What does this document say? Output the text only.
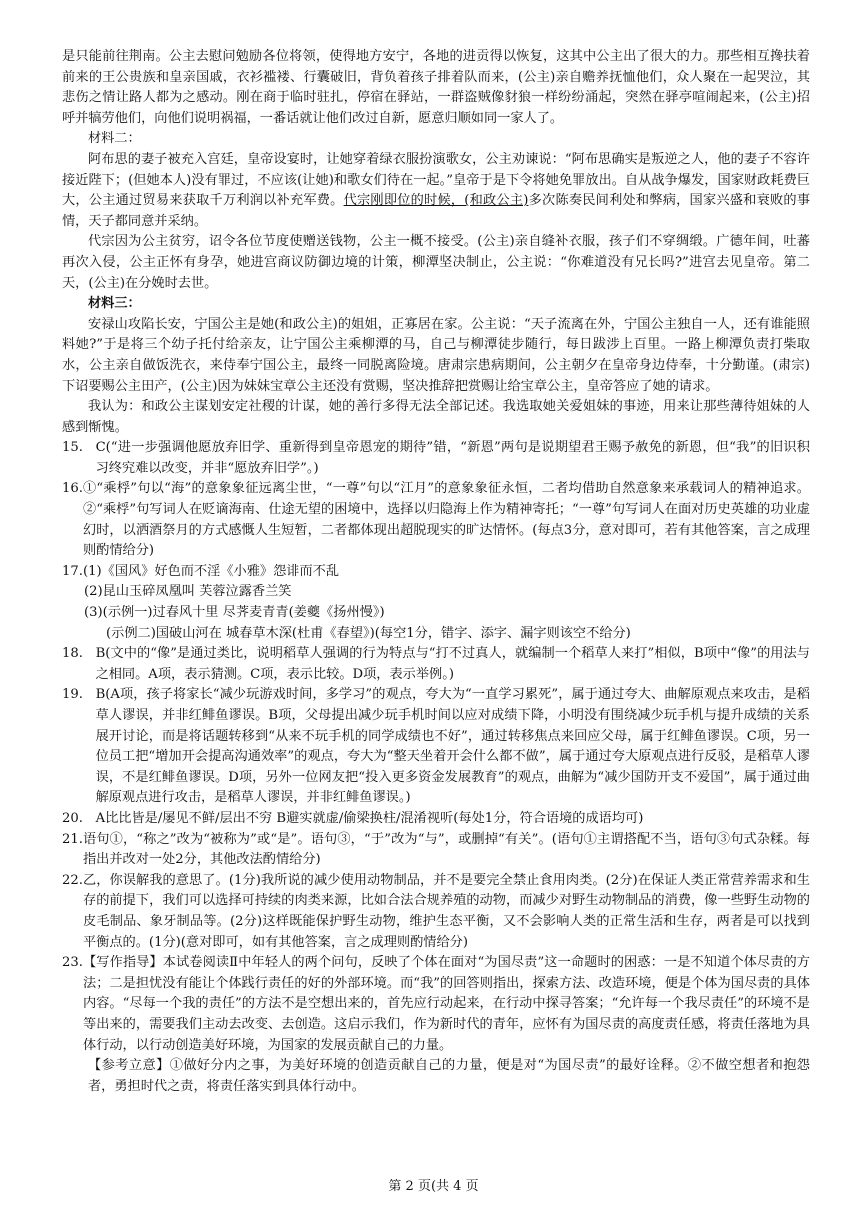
是只能前往荆南。公主去慰问勉励各位将领，使得地方安宁，各地的进贡得以恢复，这其中公主出了很大的力。那些相互搀扶着前来的王公贵族和皇亲国戚，衣衫褴褛、行囊破旧，背负着孩子排着队而来，(公主)亲自赡养抚恤他们，众人聚在一起哭泣，其悲伤之情让路人都为之感动。刚在商于临时驻扎，停宿在驿站，一群盗贼像豺狼一样纷纷涌起，突然在驿亭喧闹起来，(公主)招呼并犒劳他们，向他们说明祸福，一番话就让他们改过自新，愿意归顺如同一家人了。

材料二：

阿布思的妻子被充入宫廷，皇帝设宴时，让她穿着绿衣服扮演歌女，公主劝谏说：“阿布思确实是叛逆之人，他的妻子不容许接近陛下；(但她本人)没有罪过，不应该(让她)和歌女们待在一起。”皇帝于是下令将她免罪放出。自从战争爆发，国家财政耗费巨大，公主通过贸易来获取千万利润以补充军费。代宗刚即位的时候，(和政公主)多次陈奏民间利处和弊病，国家兴盛和衰败的事情，天子都同意并采纳。

代宗因为公主贫穷，诏令各位节度使赠送钱物，公主一概不接受。(公主)亲自缝补衣服，孩子们不穿绸缎。广德年间，吐蕃再次入侵，公主正怀有身孕，她进宫商议防御边境的计策，柳潭坚决制止，公主说：“你难道没有兄长吗?”进宫去见皇帝。第二天，(公主)在分娩时去世。

材料三：

安禄山攻陷长安，宁国公主是她(和政公主)的姐姐，正寡居在家。公主说：“天子流离在外，宁国公主独自一人，还有谁能照料她?”于是将三个幼子托付给亲友，让宁国公主乘柳潭的马，自己与柳潭徒步随行，每日跋涉上百里。一路上柳潭负责打柴取水，公主亲自做饭洗衣，来侍奉宁国公主，最终一同脱离险境。唐肃宗患病期间，公主朝夕在皇帝身边侍奉，十分勤谨。(肃宗)下诏要赐公主田产，(公主)因为妹妹宝章公主还没有赏赐，坚决推辞把赏赐让给宝章公主，皇帝答应了她的请求。

我认为：和政公主谋划安定社稷的计谋，她的善行多得无法全部记述。我选取她关爱姐妹的事迹，用来让那些薄待姐妹的人感到惭愧。

15. C(“进一步强调他愿放弃旧学、重新得到皇帝恩宠的期待”错，“新恩”两句是说期望君王赐予赦免的新恩，但“我”的旧识积习终究难以改变，并非“愿放弃旧学”。)
16. ①“乘桴”句以“海”的意象象征远离尘世，“一尊”句以“江月”的意象象征永恒，二者均借助自然意象来承载词人的精神追求。②“乘桴”句写词人在贬谪海南、仕途无望的困境中，选择以归隐海上作为精神寄托；“一尊”句写词人在面对历史英雄的功业虚幻时，以洒酒祭月的方式感慨人生短暂，二者都体现出超脱现实的旷达情怀。(每点3分，意对即可，若有其他答案，言之成理则酌情给分)
17. (1)《国风》好色而不淫《小雅》怨诽而不乱

(2)昆山玉碎凤凰叫 芙蓉泣露香兰笑

(3)(示例一)过春风十里 尽荠麦青青(姜夔《扬州慢》)

(示例二)国破山河在 城春草木深(杜甫《春望》)(每空1分，错字、添字、漏字则该空不给分)

18. B(文中的“像”是通过类比，说明稻草人强调的行为特点与“打不过真人，就编制一个稻草人来打”相似，B项中“像”的用法与之相同。A项，表示猜测。C项，表示比较。D项，表示举例。)
19. B(A项，孩子将家长“减少玩游戏时间，多学习”的观点，夸大为“一直学习累死”，属于通过夸大、曲解原观点来攻击，是稻草人谬误，并非红鲱鱼谬误。B项，父母提出减少玩手机时间以应对成绩下降，小明没有围绕减少玩手机与提升成绩的关系展开讨论，而是将话题转移到“从来不玩手机的同学成绩也不好”，通过转移焦点来回应父母，属于红鲱鱼谬误。C项，另一位员工把“增加开会提高沟通效率”的观点，夸大为“整天坐着开会什么都不做”，属于通过夸大原观点进行反驳，是稻草人谬误，不是红鲱鱼谬误。D项，另外一位网友把“投入更多资金发展教育”的观点，曲解为“减少国防开支不爱国”，属于通过曲解原观点进行攻击，是稻草人谬误，并非红鲱鱼谬误。)
20. A比比皆是/屡见不鲜/层出不穷 B避实就虚/偷梁换柱/混淆视听(每处1分，符合语境的成语均可)
21. 语句①，“称之”改为“被称为”或“是”。语句③，“于”改为“与”，或删掉“有关”。(语句①主谓搭配不当，语句③句式杂糅。每指出并改对一处2分，其他改法酌情给分)
22. 乙，你误解我的意思了。(1分)我所说的减少使用动物制品，并不是要完全禁止食用肉类。(2分)在保证人类正常营养需求和生存的前提下，我们可以选择可持续的肉类来源，比如合法合规养殖的动物，而减少对野生动物制品的消费，像一些野生动物的皮毛制品、象牙制品等。(2分)这样既能保护野生动物，维护生态平衡，又不会影响人类的正常生活和生存，两者是可以找到平衡点的。(1分)(意对即可，如有其他答案，言之成理则酌情给分)
23. 【写作指导】本试卷阅读Ⅱ中年轻人的两个问句，反映了个体在面对“为国尽责”这一命题时的困惑：一是不知道个体尽责的方法；二是担忧没有能让个体践行责任的好的外部环境。而“我”的回答则指出，探索方法、改造环境，便是个体为国尽责的具体内容。“尽每一个我的责任”的方法不是空想出来的，首先应行动起来，在行动中探寻答案；“允许每一个我尽责任”的环境不是等出来的，需要我们主动去改变、去创造。这启示我们，作为新时代的青年，应怀有为国尽责的高度责任感，将责任落地为具体行动，以行动创造美好环境，为国家的发展贡献自己的力量。

【参考立意】①做好分内之事，为美好环境的创造贡献自己的力量，便是对“为国尽责”的最好诠释。②不做空想者和抱怨者，勇担时代之责，将责任落实到具体行动中。

第 2 页(共 4 页
